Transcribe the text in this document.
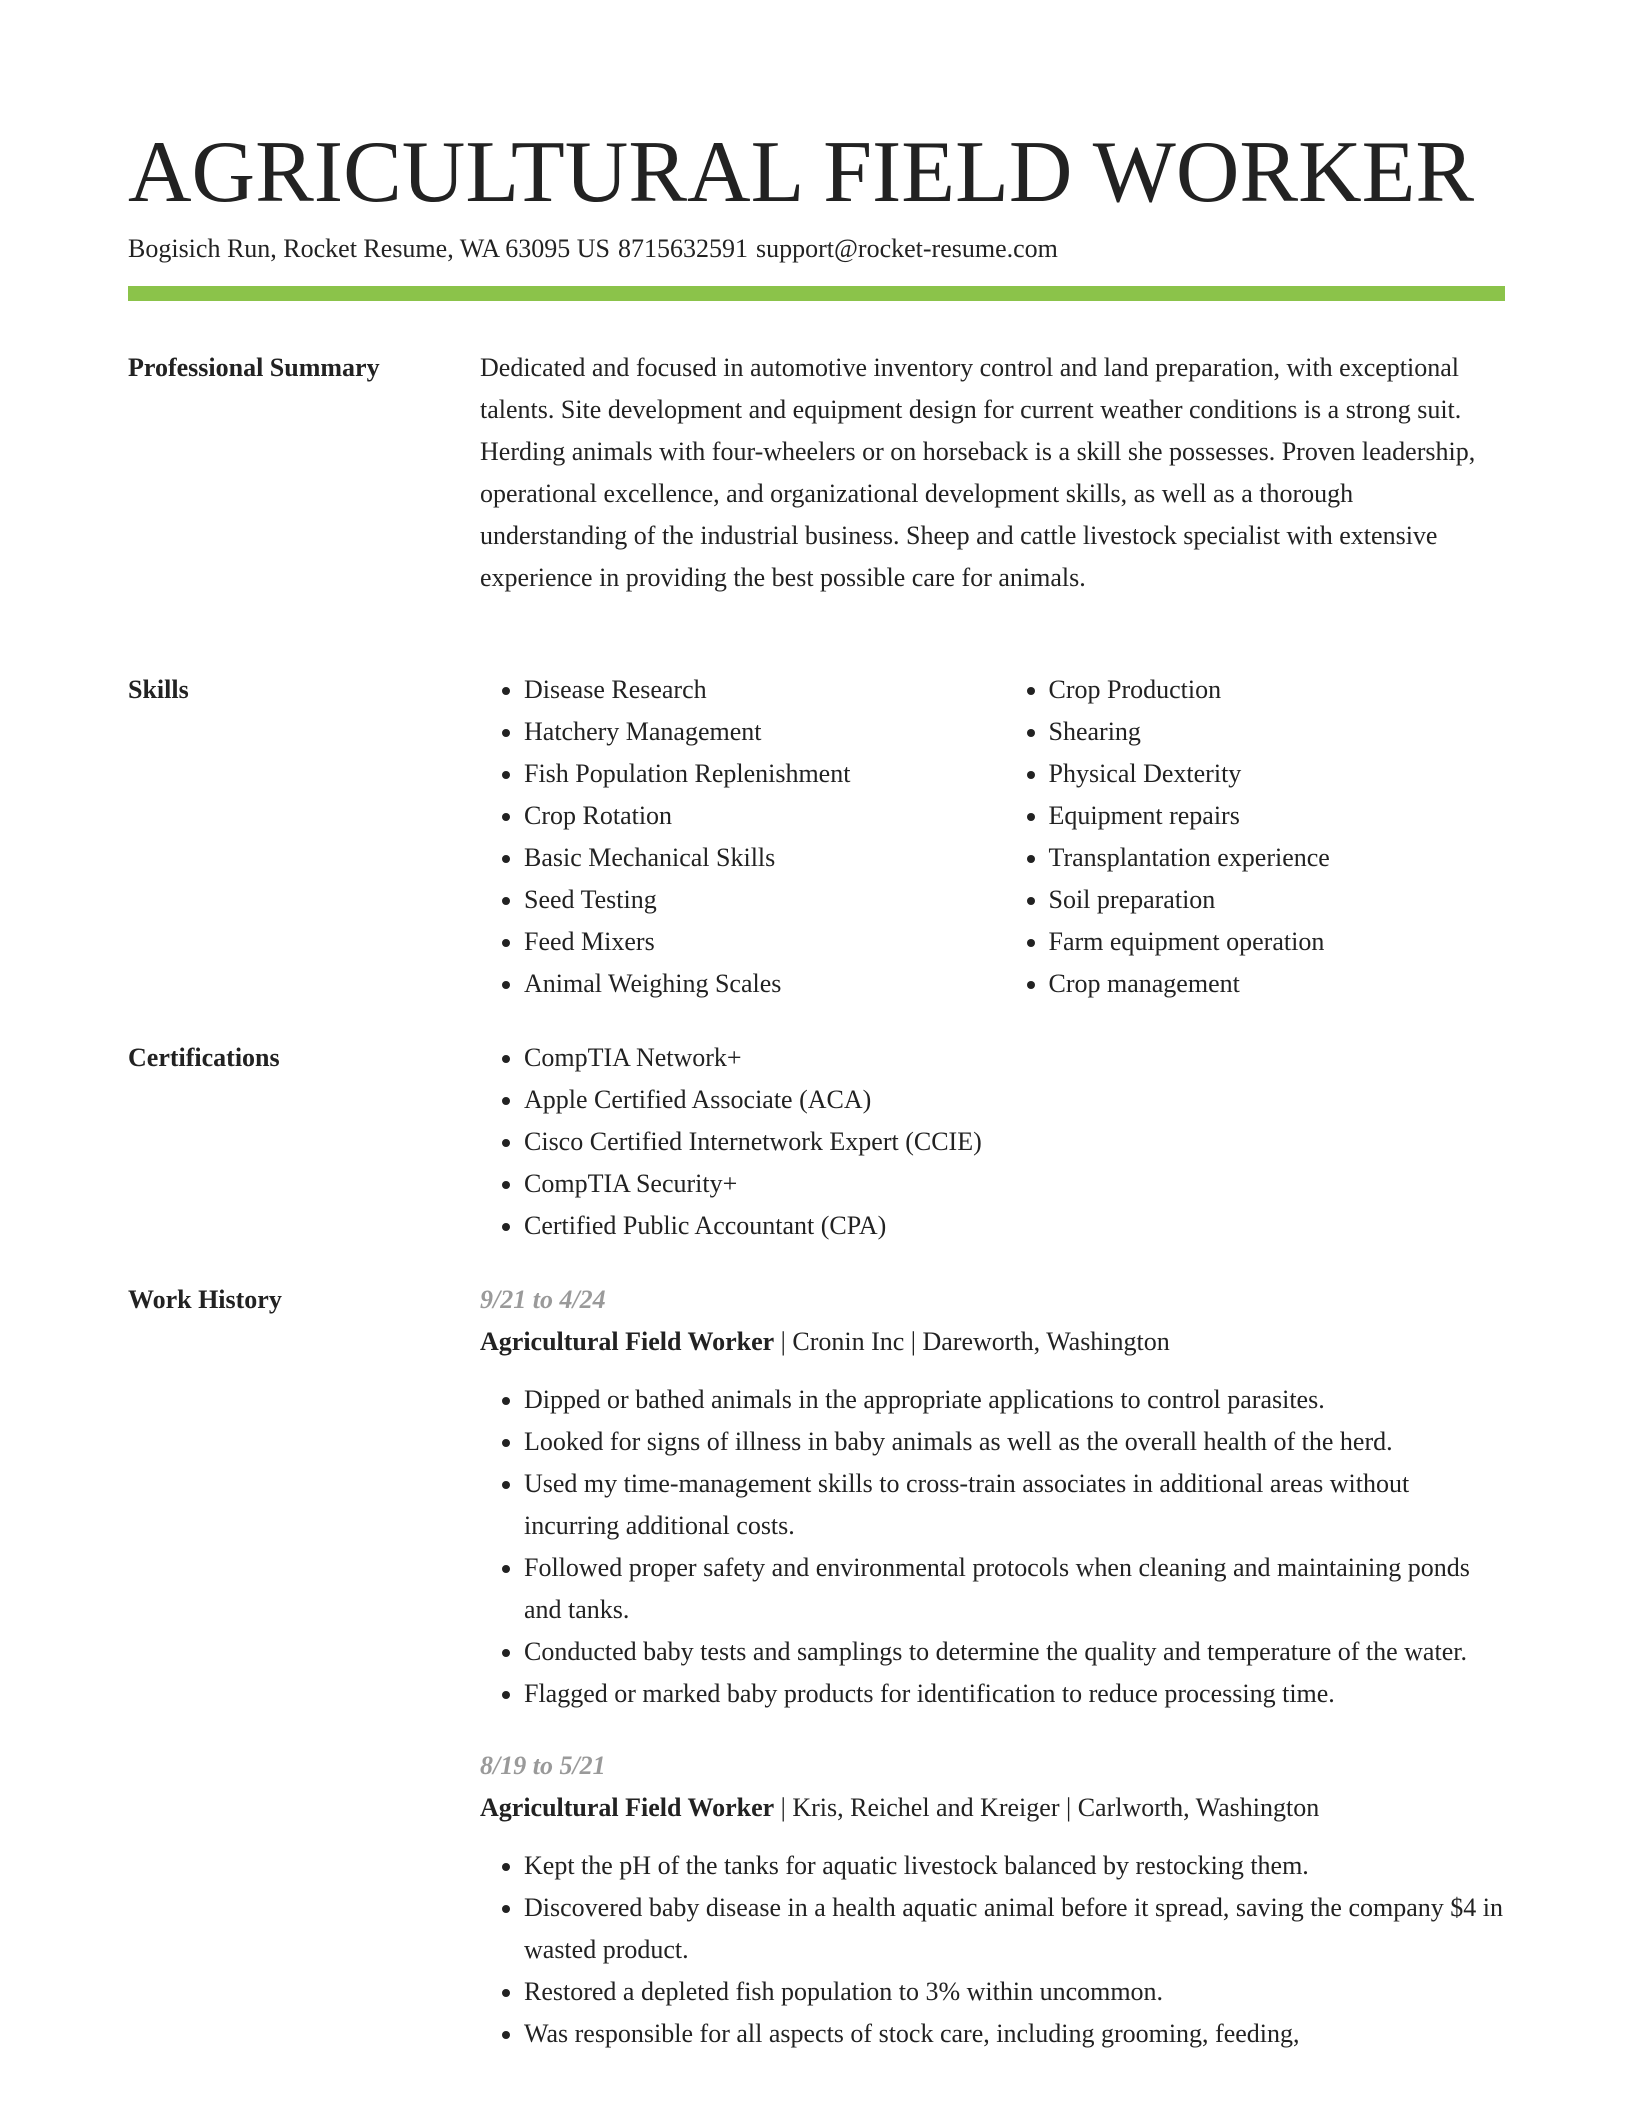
AGRICULTURAL FIELD WORKER
Bogisich Run, Rocket Resume, WA 63095 US 8715632591 support@rocket-resume.com
Professional Summary	Dedicated and focused in automotive inventory control and land preparation, with exceptional talents. Site development and equipment design for current weather conditions is a strong suit. Herding animals with four-wheelers or on horseback is a skill she possesses. Proven leadership, operational excellence, and organizational development skills, as well as a thorough understanding of the industrial business. Sheep and cattle livestock specialist with extensive experience in providing the best possible care for animals.

Skills	• Disease Research
• Hatchery Management
• Fish Population Replenishment
• Crop Rotation
• Basic Mechanical Skills
• Seed Testing
• Feed Mixers
• Animal Weighing Scales
• Crop Production
• Shearing
• Physical Dexterity
• Equipment repairs
• Transplantation experience
• Soil preparation
• Farm equipment operation
• Crop management
Certifications	• CompTIA Network+
• Apple Certified Associate (ACA)
• Cisco Certified Internetwork Expert (CCIE)
• CompTIA Security+
• Certified Public Accountant (CPA)
Work History	9/21 to 4/24
Agricultural Field Worker | Cronin Inc | Dareworth, Washington
• Dipped or bathed animals in the appropriate applications to control parasites.
• Looked for signs of illness in baby animals as well as the overall health of the herd.
• Used my time-management skills to cross-train associates in additional areas without incurring additional costs.
• Followed proper safety and environmental protocols when cleaning and maintaining ponds and tanks.
• Conducted baby tests and samplings to determine the quality and temperature of the water.
• Flagged or marked baby products for identification to reduce processing time.
8/19 to 5/21
Agricultural Field Worker | Kris, Reichel and Kreiger | Carlworth, Washington
• Kept the pH of the tanks for aquatic livestock balanced by restocking them.
• Discovered baby disease in a health aquatic animal before it spread, saving the company $4 in wasted product.
• Restored a depleted fish population to 3% within uncommon.
• Was responsible for all aspects of stock care, including grooming, feeding,
